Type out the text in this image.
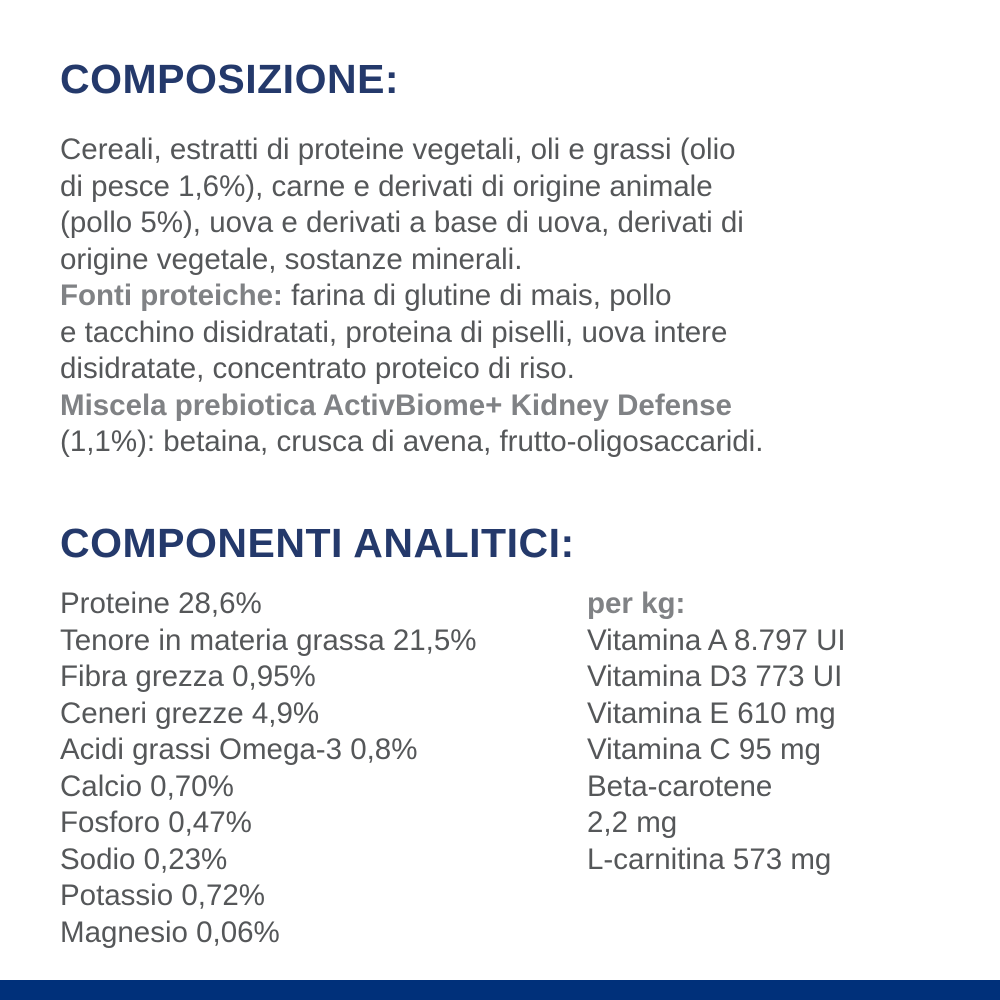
COMPOSIZIONE:
Cereali, estratti di proteine vegetali, oli e grassi (olio
di pesce 1,6%), carne e derivati di origine animale
(pollo 5%), uova e derivati a base di uova, derivati di
origine vegetale, sostanze minerali.
Fonti proteiche: farina di glutine di mais, pollo
e tacchino disidratati, proteina di piselli, uova intere
disidratate, concentrato proteico di riso.
Miscela prebiotica ActivBiome+ Kidney Defense
(1,1%): betaina, crusca di avena, frutto-oligosaccaridi.
COMPONENTI ANALITICI:
Proteine 28,6%
Tenore in materia grassa 21,5%
Fibra grezza 0,95%
Ceneri grezze 4,9%
Acidi grassi Omega-3 0,8%
Calcio 0,70%
Fosforo 0,47%
Sodio 0,23%
Potassio 0,72%
Magnesio 0,06%
per kg:
Vitamina A 8.797 UI
Vitamina D3 773 UI
Vitamina E 610 mg
Vitamina C 95 mg
Beta-carotene
2,2 mg
L-carnitina 573 mg
